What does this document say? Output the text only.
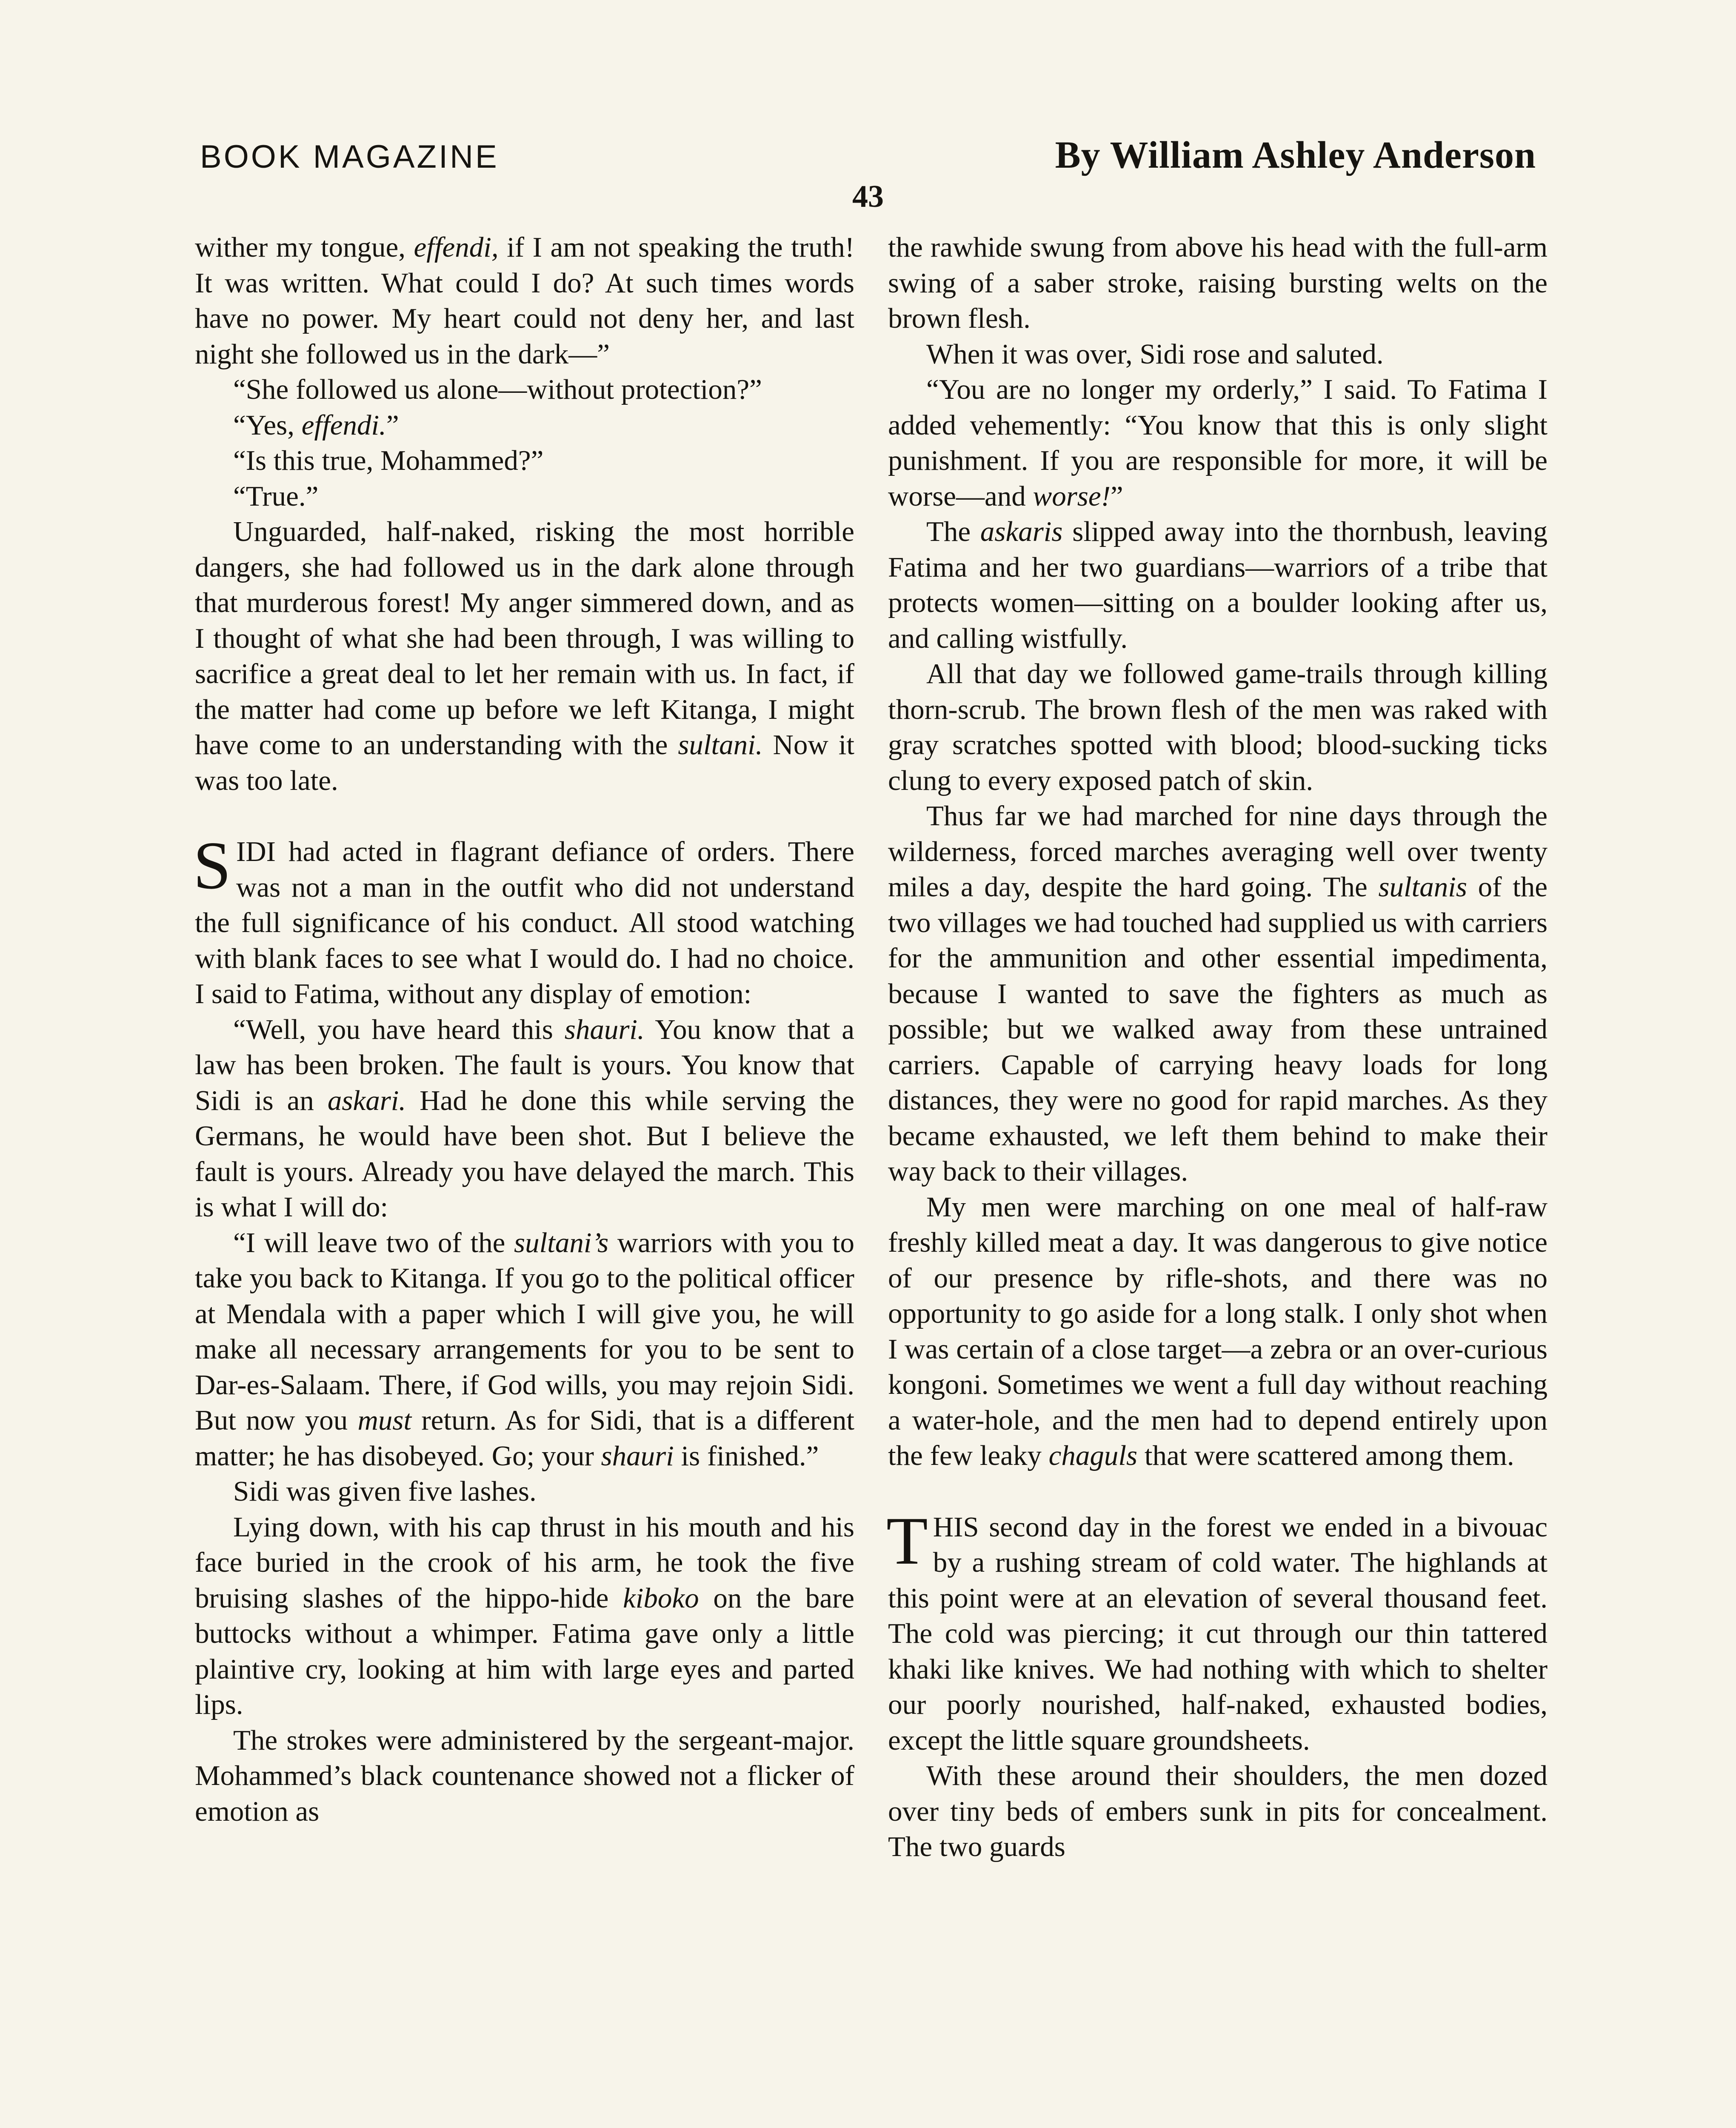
BOOK MAGAZINE	By William Ashley Anderson
43

wither my tongue, effendi, if I am not speaking the truth! It was written. What could I do? At such times words have no power. My heart could not deny her, and last night she followed us in the dark—”

“She followed us alone—without protection?”

“Yes, effendi.”

“Is this true, Mohammed?”

“True.”

Unguarded, half-naked, risking the most horrible dangers, she had followed us in the dark alone through that murderous forest! My anger simmered down, and as I thought of what she had been through, I was willing to sacrifice a great deal to let her remain with us. In fact, if the matter had come up before we left Kitanga, I might have come to an understanding with the sultani. Now it was too late.

SIDI had acted in flagrant defiance of orders. There was not a man in the outfit who did not understand the full significance of his conduct. All stood watching with blank faces to see what I would do. I had no choice. I said to Fatima, without any display of emotion:

“Well, you have heard this shauri. You know that a law has been broken. The fault is yours. You know that Sidi is an askari. Had he done this while serving the Germans, he would have been shot. But I believe the fault is yours. Already you have delayed the march. This is what I will do:

“I will leave two of the sultani’s warriors with you to take you back to Kitanga. If you go to the political officer at Mendala with a paper which I will give you, he will make all necessary arrangements for you to be sent to Dar-es-Salaam. There, if God wills, you may rejoin Sidi. But now you must return. As for Sidi, that is a different matter; he has disobeyed. Go; your shauri is finished.”

Sidi was given five lashes.

Lying down, with his cap thrust in his mouth and his face buried in the crook of his arm, he took the five bruising slashes of the hippo-hide kiboko on the bare buttocks without a whimper. Fatima gave only a little plaintive cry, looking at him with large eyes and parted lips.

The strokes were administered by the sergeant-major. Mohammed’s black countenance showed not a flicker of emotion as

the rawhide swung from above his head with the full-arm swing of a saber stroke, raising bursting welts on the brown flesh.

When it was over, Sidi rose and saluted.

“You are no longer my orderly,” I said. To Fatima I added vehemently: “You know that this is only slight punishment. If you are responsible for more, it will be worse—and worse!”

The askaris slipped away into the thornbush, leaving Fatima and her two guardians—warriors of a tribe that protects women—sitting on a boulder looking after us, and calling wistfully.

All that day we followed game-trails through killing thorn-scrub. The brown flesh of the men was raked with gray scratches spotted with blood; blood-sucking ticks clung to every exposed patch of skin.

Thus far we had marched for nine days through the wilderness, forced marches averaging well over twenty miles a day, despite the hard going. The sultanis of the two villages we had touched had supplied us with carriers for the ammunition and other essential impedimenta, because I wanted to save the fighters as much as possible; but we walked away from these untrained carriers. Capable of carrying heavy loads for long distances, they were no good for rapid marches. As they became exhausted, we left them behind to make their way back to their villages.

My men were marching on one meal of half-raw freshly killed meat a day. It was dangerous to give notice of our presence by rifle-shots, and there was no opportunity to go aside for a long stalk. I only shot when I was certain of a close target—a zebra or an over-curious kongoni. Sometimes we went a full day without reaching a water-hole, and the men had to depend entirely upon the few leaky chaguls that were scattered among them.

THIS second day in the forest we ended in a bivouac by a rushing stream of cold water. The highlands at this point were at an elevation of several thousand feet. The cold was piercing; it cut through our thin tattered khaki like knives. We had nothing with which to shelter our poorly nourished, half-naked, exhausted bodies, except the little square groundsheets.

With these around their shoulders, the men dozed over tiny beds of embers sunk in pits for concealment. The two guards
